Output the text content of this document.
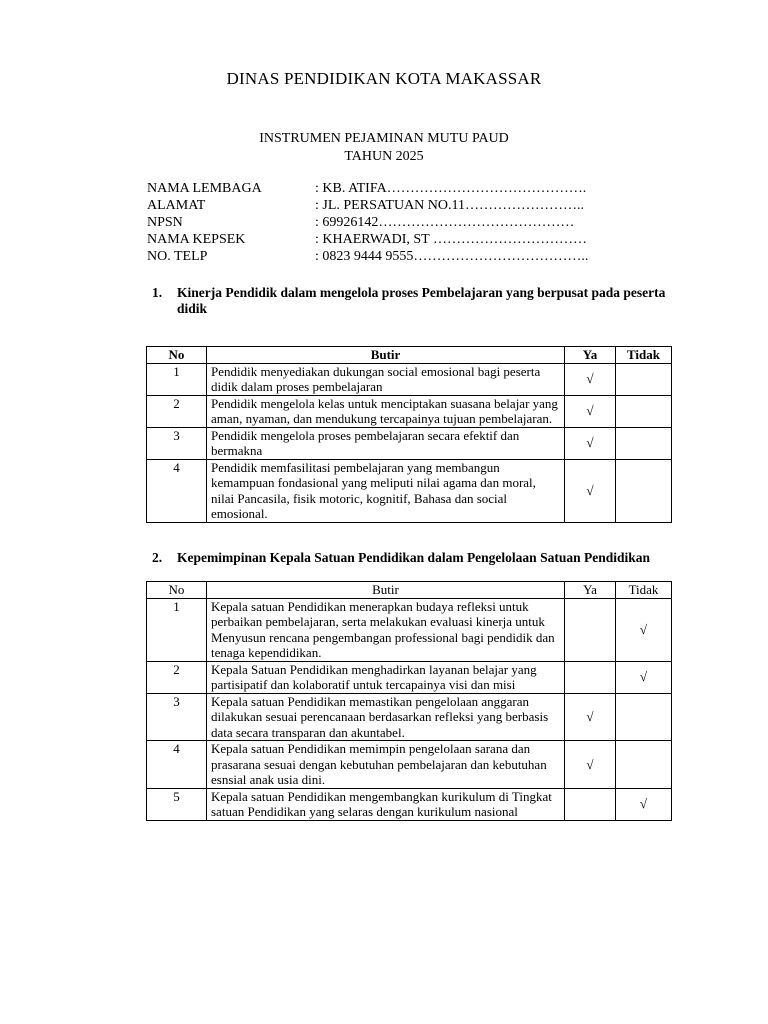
DINAS PENDIDIKAN KOTA MAKASSAR
INSTRUMEN PEJAMINAN MUTU PAUD
TAHUN 2025
NAMA LEMBAGA	: KB. ATIFA…………………………………….
ALAMAT	: JL. PERSATUAN NO.11……………………..
NPSN	: 69926142……………………………………
NAMA KEPSEK	: KHAERWADI, ST ……………………………
NO. TELP	: 0823 9444 9555………………………………..
1.	Kinerja Pendidik dalam mengelola proses Pembelajaran yang berpusat pada peserta didik
No	Butir	Ya	Tidak
1	Pendidik menyediakan dukungan social emosional bagi peserta didik dalam proses pembelajaran	√	
2	Pendidik mengelola kelas untuk menciptakan suasana belajar yang aman, nyaman, dan mendukung tercapainya tujuan pembelajaran.	√	
3	Pendidik mengelola proses pembelajaran secara efektif dan bermakna	√	
4	Pendidik memfasilitasi pembelajaran yang membangun kemampuan fondasional yang meliputi nilai agama dan moral, nilai Pancasila, fisik motoric, kognitif, Bahasa dan social emosional.	√	
2.	Kepemimpinan Kepala Satuan Pendidikan dalam Pengelolaan Satuan Pendidikan
No	Butir	Ya	Tidak
1	Kepala satuan Pendidikan menerapkan budaya refleksi untuk perbaikan pembelajaran, serta melakukan evaluasi kinerja untuk Menyusun rencana pengembangan professional bagi pendidik dan tenaga kependidikan.		√
2	Kepala Satuan Pendidikan menghadirkan layanan belajar yang partisipatif dan kolaboratif untuk tercapainya visi dan misi		√
3	Kepala satuan Pendidikan memastikan pengelolaan anggaran dilakukan sesuai perencanaan berdasarkan refleksi yang berbasis data secara transparan dan akuntabel.	√	
4	Kepala satuan Pendidikan memimpin pengelolaan sarana dan prasarana sesuai dengan kebutuhan pembelajaran dan kebutuhan esnsial anak usia dini.	√	
5	Kepala satuan Pendidikan mengembangkan kurikulum di Tingkat satuan Pendidikan yang selaras dengan kurikulum nasional		√
